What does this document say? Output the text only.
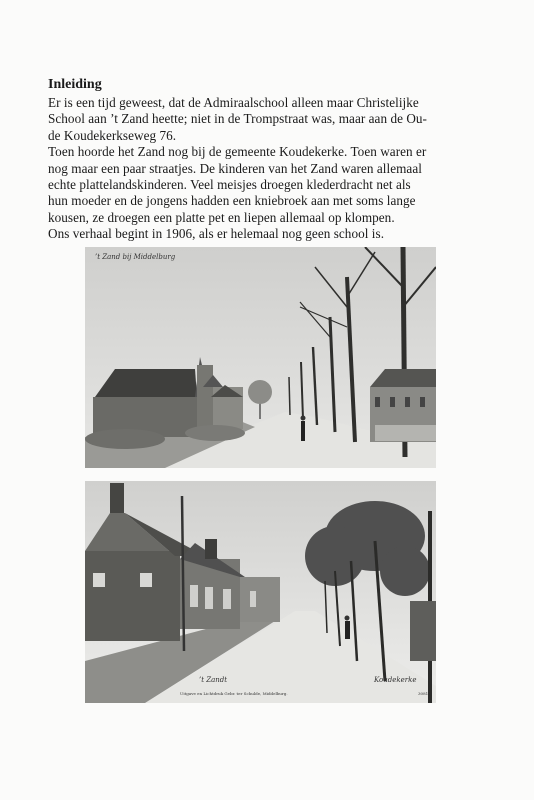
Inleiding

Er is een tijd geweest, dat de Admiraalschool alleen maar Christelijke
School aan ’t Zand heette; niet in de Trompstraat was, maar aan de Ou-
de Koudekerkseweg 76.
Toen hoorde het Zand nog bij de gemeente Koudekerke. Toen waren er
nog maar een paar straatjes. De kinderen van het Zand waren allemaal
echte plattelandskinderen. Veel meisjes droegen klederdracht net als
hun moeder en de jongens hadden een kniebroek aan met soms lange
kousen, ze droegen een platte pet en liepen allemaal op klompen.
Ons verhaal begint in 1906, als er helemaal nog geen school is.

’t Zand bij Middelburg
’t Zandt	Koudekerke
Uitgave en Lichtdruk Gebr. ter Schulde, Middelburg.	3081
